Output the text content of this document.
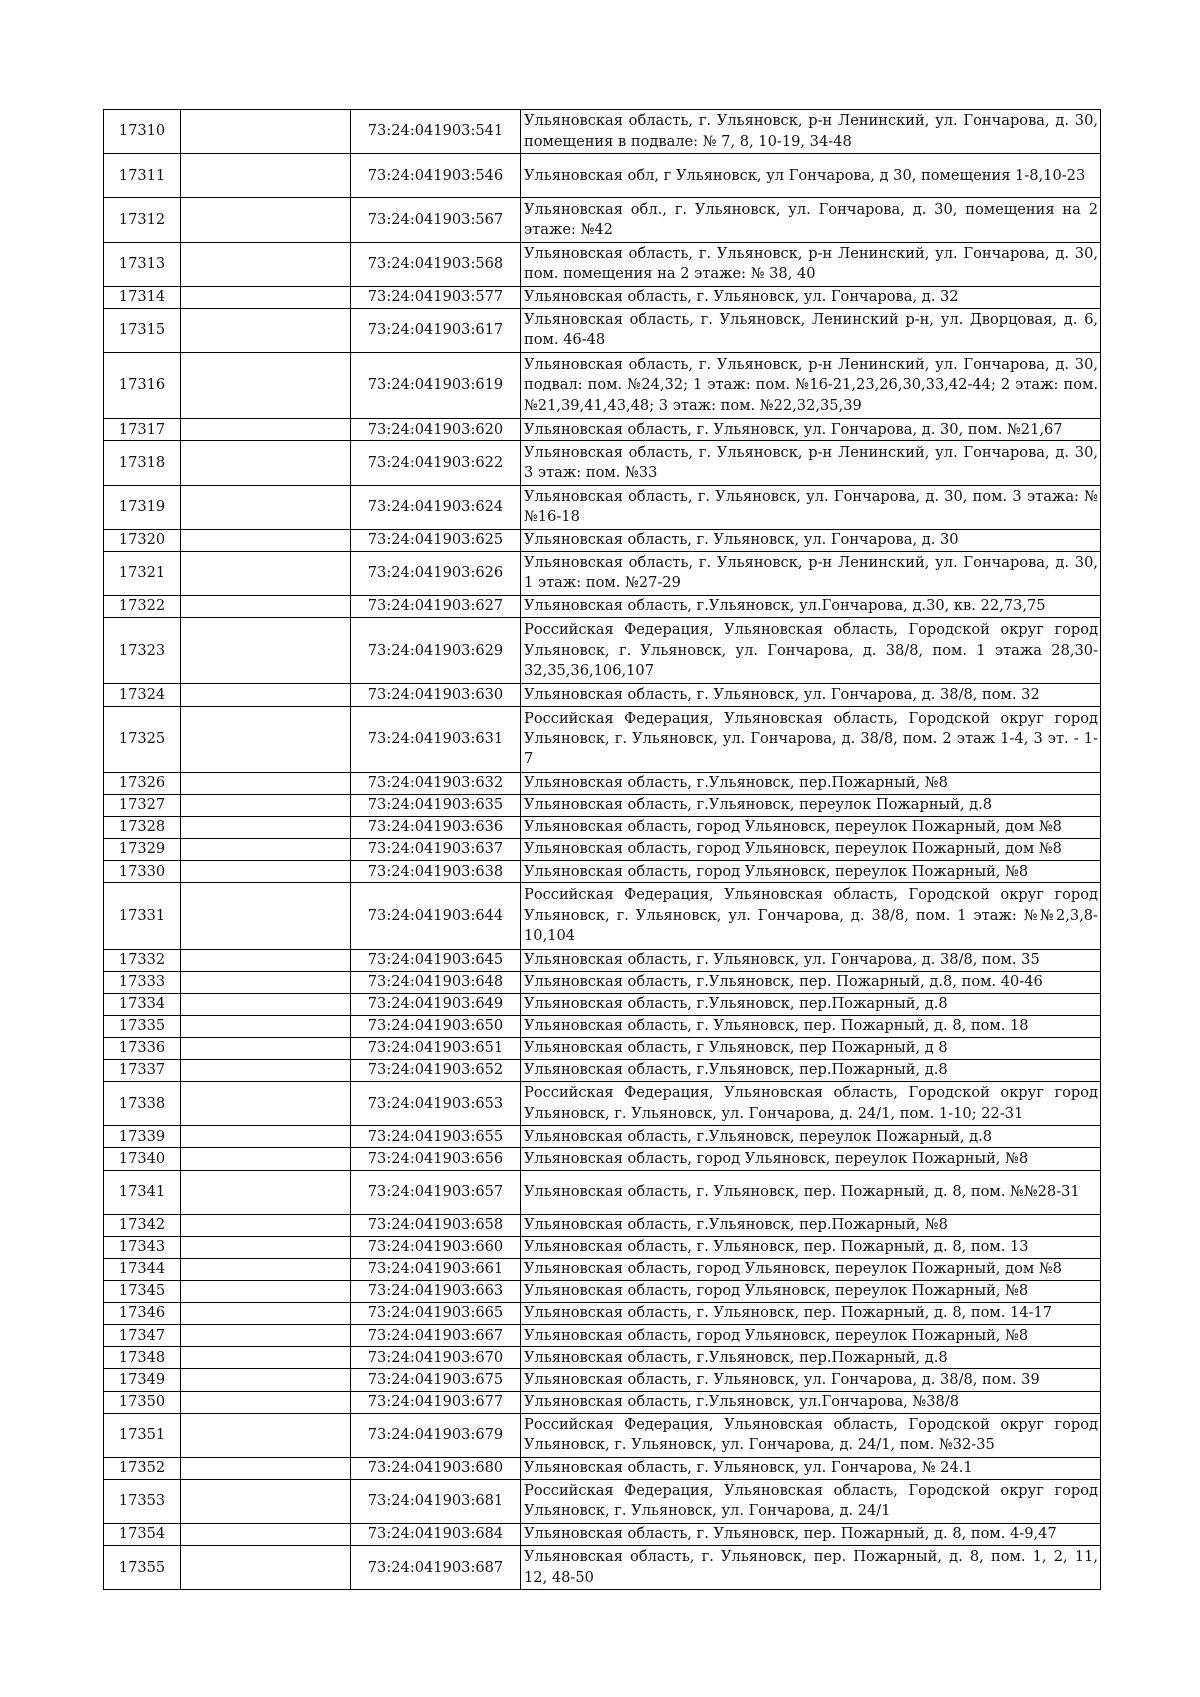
17310		73:24:041903:541	Ульяновская область, г. Ульяновск, р-н Ленинский, ул. Гончарова, д. 30, помещения в подвале: № 7, 8, 10-19, 34-48
17311		73:24:041903:546	Ульяновская обл, г Ульяновск, ул Гончарова, д 30, помещения 1-8,10-23
17312		73:24:041903:567	Ульяновская обл., г. Ульяновск, ул. Гончарова, д. 30, помещения на 2 этаже: №42
17313		73:24:041903:568	Ульяновская область, г. Ульяновск, р-н Ленинский, ул. Гончарова, д. 30, пом. помещения на 2 этаже: № 38, 40
17314		73:24:041903:577	Ульяновская область, г. Ульяновск, ул. Гончарова, д. 32
17315		73:24:041903:617	Ульяновская область, г. Ульяновск, Ленинский р-н, ул. Дворцовая, д. 6, пом. 46-48
17316		73:24:041903:619	Ульяновская область, г. Ульяновск, р-н Ленинский, ул. Гончарова, д. 30, подвал: пом. №24,32; 1 этаж: пом. №16-21,23,26,30,33,42-44; 2 этаж: пом. №21,39,41,43,48; 3 этаж: пом. №22,32,35,39
17317		73:24:041903:620	Ульяновская область, г. Ульяновск, ул. Гончарова, д. 30, пом. №21,67
17318		73:24:041903:622	Ульяновская область, г. Ульяновск, р-н Ленинский, ул. Гончарова, д. 30, 3 этаж: пом. №33
17319		73:24:041903:624	Ульяновская область, г. Ульяновск, ул. Гончарова, д. 30, пом. 3 этажа: №№16-18
17320		73:24:041903:625	Ульяновская область, г. Ульяновск, ул. Гончарова, д. 30
17321		73:24:041903:626	Ульяновская область, г. Ульяновск, р-н Ленинский, ул. Гончарова, д. 30, 1 этаж: пом. №27-29
17322		73:24:041903:627	Ульяновская область, г.Ульяновск, ул.Гончарова, д.30, кв. 22,73,75
17323		73:24:041903:629	Российская Федерация, Ульяновская область, Городской округ город Ульяновск, г. Ульяновск, ул. Гончарова, д. 38/8, пом. 1 этажа 28,30-32,35,36,106,107
17324		73:24:041903:630	Ульяновская область, г. Ульяновск, ул. Гончарова, д. 38/8, пом. 32
17325		73:24:041903:631	Российская Федерация, Ульяновская область, Городской округ город Ульяновск, г. Ульяновск, ул. Гончарова, д. 38/8, пом. 2 этаж 1-4, 3 эт. - 1-7
17326		73:24:041903:632	Ульяновская область, г.Ульяновск, пер.Пожарный, №8
17327		73:24:041903:635	Ульяновская область, г.Ульяновск, переулок Пожарный, д.8
17328		73:24:041903:636	Ульяновская область, город Ульяновск, переулок Пожарный, дом №8
17329		73:24:041903:637	Ульяновская область, город Ульяновск, переулок Пожарный, дом №8
17330		73:24:041903:638	Ульяновская область, город Ульяновск, переулок Пожарный, №8
17331		73:24:041903:644	Российская Федерация, Ульяновская область, Городской округ город Ульяновск, г. Ульяновск, ул. Гончарова, д. 38/8, пом. 1 этаж: №№2,3,8-10,104
17332		73:24:041903:645	Ульяновская область, г. Ульяновск, ул. Гончарова, д. 38/8, пом. 35
17333		73:24:041903:648	Ульяновская область, г.Ульяновск, пер. Пожарный, д.8, пом. 40-46
17334		73:24:041903:649	Ульяновская область, г.Ульяновск, пер.Пожарный, д.8
17335		73:24:041903:650	Ульяновская область, г. Ульяновск, пер. Пожарный, д. 8, пом. 18
17336		73:24:041903:651	Ульяновская область, г Ульяновск, пер Пожарный, д 8
17337		73:24:041903:652	Ульяновская область, г.Ульяновск, пер.Пожарный, д.8
17338		73:24:041903:653	Российская Федерация, Ульяновская область, Городской округ город Ульяновск, г. Ульяновск, ул. Гончарова, д. 24/1, пом. 1-10; 22-31
17339		73:24:041903:655	Ульяновская область, г.Ульяновск, переулок Пожарный, д.8
17340		73:24:041903:656	Ульяновская область, город Ульяновск, переулок Пожарный, №8
17341		73:24:041903:657	Ульяновская область, г. Ульяновск, пер. Пожарный, д. 8, пом. №№28-31
17342		73:24:041903:658	Ульяновская область, г.Ульяновск, пер.Пожарный, №8
17343		73:24:041903:660	Ульяновская область, г. Ульяновск, пер. Пожарный, д. 8, пом. 13
17344		73:24:041903:661	Ульяновская область, город Ульяновск, переулок Пожарный, дом №8
17345		73:24:041903:663	Ульяновская область, город Ульяновск, переулок Пожарный, №8
17346		73:24:041903:665	Ульяновская область, г. Ульяновск, пер. Пожарный, д. 8, пом. 14-17
17347		73:24:041903:667	Ульяновская область, город Ульяновск, переулок Пожарный, №8
17348		73:24:041903:670	Ульяновская область, г.Ульяновск, пер.Пожарный, д.8
17349		73:24:041903:675	Ульяновская область, г. Ульяновск, ул. Гончарова, д. 38/8, пом. 39
17350		73:24:041903:677	Ульяновская область, г.Ульяновск, ул.Гончарова, №38/8
17351		73:24:041903:679	Российская Федерация, Ульяновская область, Городской округ город Ульяновск, г. Ульяновск, ул. Гончарова, д. 24/1, пом. №32-35
17352		73:24:041903:680	Ульяновская область, г. Ульяновск, ул. Гончарова, № 24.1
17353		73:24:041903:681	Российская Федерация, Ульяновская область, Городской округ город Ульяновск, г. Ульяновск, ул. Гончарова, д. 24/1
17354		73:24:041903:684	Ульяновская область, г. Ульяновск, пер. Пожарный, д. 8, пом. 4-9,47
17355		73:24:041903:687	Ульяновская область, г. Ульяновск, пер. Пожарный, д. 8, пом. 1, 2, 11, 12, 48-50
